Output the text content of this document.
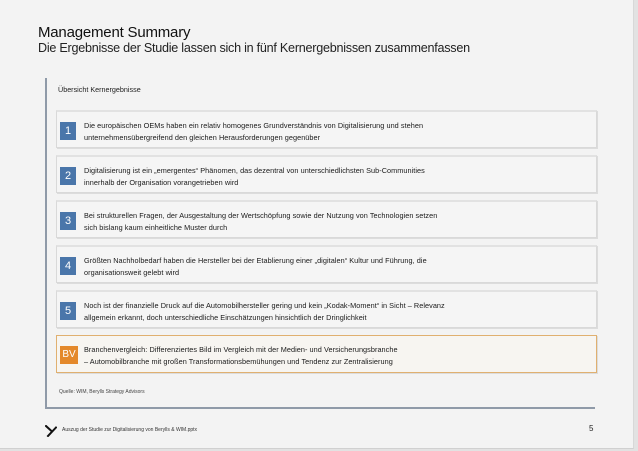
Management Summary
Die Ergebnisse der Studie lassen sich in fünf Kernergebnissen zusammenfassen
Übersicht Kernergebnisse
1	Die europäischen OEMs haben ein relativ homogenes Grundverständnis von Digitalisierung und stehen
unternehmensübergreifend den gleichen Herausforderungen gegenüber
2	Digitalisierung ist ein „emergentes“ Phänomen, das dezentral von unterschiedlichsten Sub-Communities
innerhalb der Organisation vorangetrieben wird
3	Bei strukturellen Fragen, der Ausgestaltung der Wertschöpfung sowie der Nutzung von Technologien setzen
sich bislang kaum einheitliche Muster durch
4	Größten Nachholbedarf haben die Hersteller bei der Etablierung einer „digitalen“ Kultur und Führung, die
organisationsweit gelebt wird
5	Noch ist der finanzielle Druck auf die Automobilhersteller gering und kein „Kodak-Moment“ in Sicht – Relevanz
allgemein erkannt, doch unterschiedliche Einschätzungen hinsichtlich der Dringlichkeit
BV	Branchenvergleich: Differenziertes Bild im Vergleich mit der Medien- und Versicherungsbranche
– Automobilbranche mit großen Transformationsbemühungen und Tendenz zur Zentralisierung
Quelle: WIM, Berylls Strategy Advisors
Auszug der Studie zur Digitalisierung von Berylls & WIM.pptx	5
